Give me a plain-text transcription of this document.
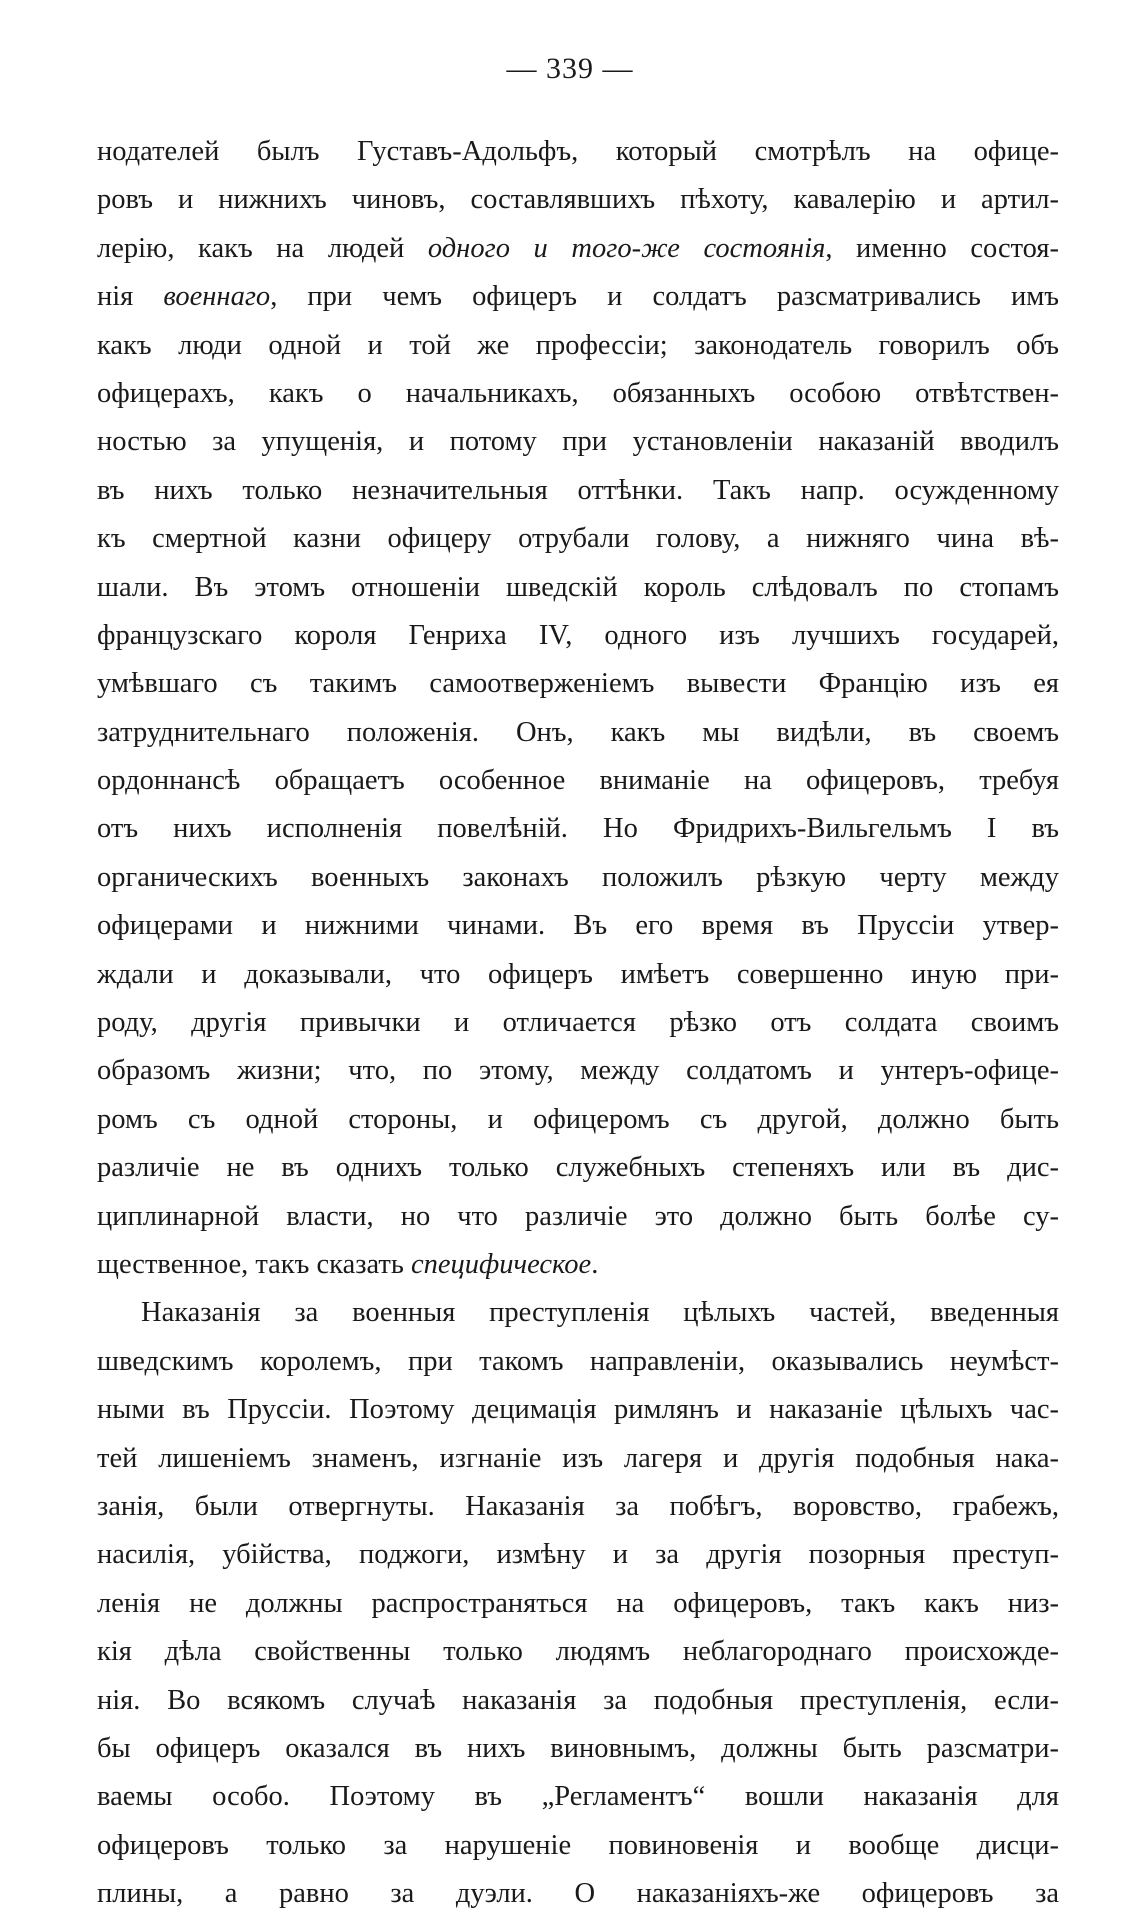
— 339 —
нодателей былъ Густавъ-Адольфъ, который смотрѣлъ на офице-
ровъ и нижнихъ чиновъ, составлявшихъ пѣхоту, кавалерію и артил-
лерію, какъ на людей одного и того-же состоянія, именно состоя-
нія военнаго, при чемъ офицеръ и солдатъ разсматривались имъ
какъ люди одной и той же профессіи; законодатель говорилъ объ
офицерахъ, какъ о начальникахъ, обязанныхъ особою отвѣтствен-
ностью за упущенія, и потому при установленіи наказаній вводилъ
въ нихъ только незначительныя оттѣнки. Такъ напр. осужденному
къ смертной казни офицеру отрубали голову, а нижняго чина вѣ-
шали. Въ этомъ отношеніи шведскій король слѣдовалъ по стопамъ
французскаго короля Генриха IV, одного изъ лучшихъ государей,
умѣвшаго съ такимъ самоотверженіемъ вывести Францію изъ ея
затруднительнаго положенія. Онъ, какъ мы видѣли, въ своемъ
ордоннансѣ обращаетъ особенное вниманіе на офицеровъ, требуя
отъ нихъ исполненія повелѣній. Но Фридрихъ-Вильгельмъ I въ
органическихъ военныхъ законахъ положилъ рѣзкую черту между
офицерами и нижними чинами. Въ его время въ Пруссіи утвер-
ждали и доказывали, что офицеръ имѣетъ совершенно иную при-
роду, другія привычки и отличается рѣзко отъ солдата своимъ
образомъ жизни; что, по этому, между солдатомъ и унтеръ-офице-
ромъ съ одной стороны, и офицеромъ съ другой, должно быть
различіе не въ однихъ только служебныхъ степеняхъ или въ дис-
циплинарной власти, но что различіе это должно быть болѣе су-
щественное, такъ сказать специфическое.
Наказанія за военныя преступленія цѣлыхъ частей, введенныя
шведскимъ королемъ, при такомъ направленіи, оказывались неумѣст-
ными въ Пруссіи. Поэтому децимація римлянъ и наказаніе цѣлыхъ час-
тей лишеніемъ знаменъ, изгнаніе изъ лагеря и другія подобныя нака-
занія, были отвергнуты. Наказанія за побѣгъ, воровство, грабежъ,
насилія, убійства, поджоги, измѣну и за другія позорныя преступ-
ленія не должны распространяться на офицеровъ, такъ какъ низ-
кія дѣла свойственны только людямъ неблагороднаго происхожде-
нія. Во всякомъ случаѣ наказанія за подобныя преступленія, если-
бы офицеръ оказался въ нихъ виновнымъ, должны быть разсматри-
ваемы особо. Поэтому въ „Регламентъ“ вошли наказанія для
офицеровъ только за нарушеніе повиновенія и вообще дисци-
плины, а равно за дуэли. О наказаніяхъ-же офицеровъ за
